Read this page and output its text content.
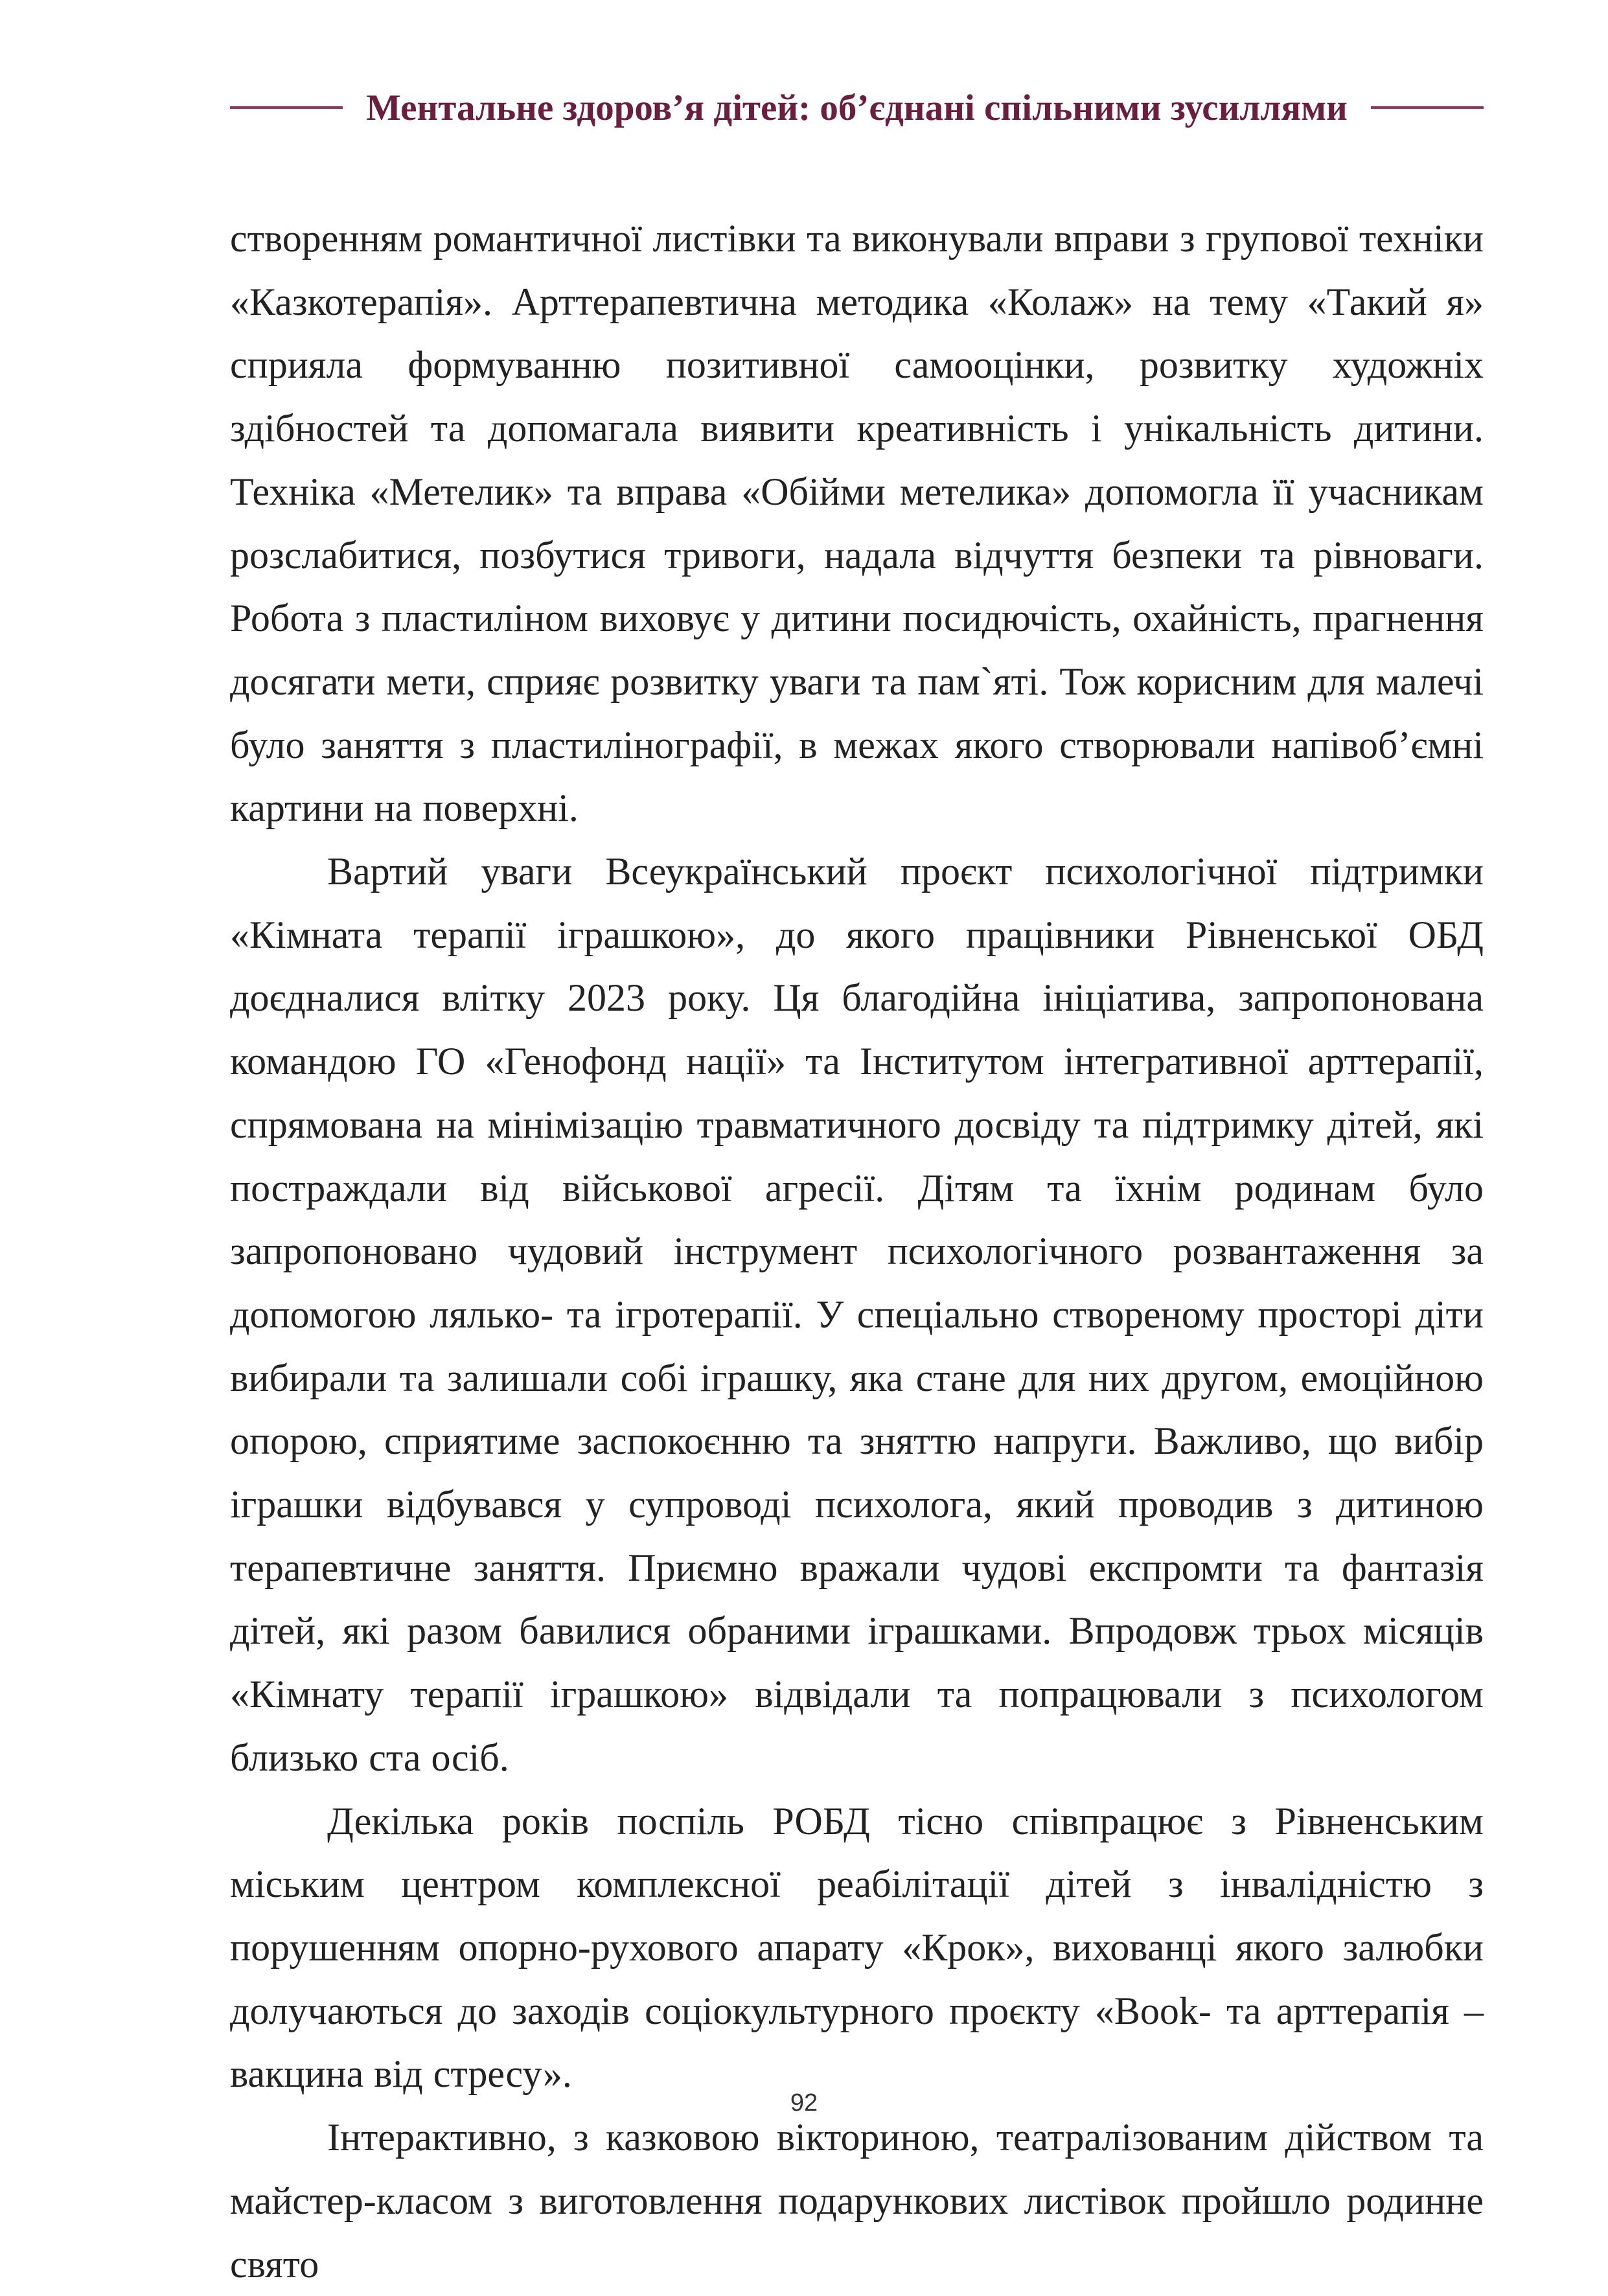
Ментальне здоров’я дітей: об’єднані спільними зусиллями

створенням романтичної листівки та виконували вправи з групової техніки «Казкотерапія». Арттерапевтична методика «Колаж» на тему «Такий я» сприяла формуванню позитивної самооцінки, розвитку художніх здібностей та допомагала виявити креативність і унікальність дитини. Техніка «Метелик» та вправа «Обійми метелика» допомогла її учасникам розслабитися, позбутися тривоги, надала відчуття безпеки та рівноваги. Робота з пластиліном виховує у дитини посидючість, охайність, прагнення досягати мети, сприяє розвитку уваги та пам`яті. Тож корисним для малечі було заняття з пластилінографії, в межах якого створювали напівоб’ємні картини на поверхні.

Вартий уваги Всеукраїнський проєкт психологічної підтримки «Кімната терапії іграшкою», до якого працівники Рівненської ОБД доєдналися влітку 2023 року. Ця благодійна ініціатива, запропонована командою ГО «Генофонд нації» та Інститутом інтегративної арттерапії, спрямована на мінімізацію травматичного досвіду та підтримку дітей, які постраждали від військової агресії. Дітям та їхнім родинам було запропоновано чудовий інструмент психологічного розвантаження за допомогою лялько- та ігротерапії. У спеціально створеному просторі діти вибирали та залишали собі іграшку, яка стане для них другом, емоційною опорою, сприятиме заспокоєнню та зняттю напруги. Важливо, що вибір іграшки відбувався у супроводі психолога, який проводив з дитиною терапевтичне заняття. Приємно вражали чудові експромти та фантазія дітей, які разом бавилися обраними іграшками. Впродовж трьох місяців «Кімнату терапії іграшкою» відвідали та попрацювали з психологом близько ста осіб.

Декілька років поспіль РОБД тісно співпрацює з Рівненським міським центром комплексної реабілітації дітей з інвалідністю з порушенням опорно-рухового апарату «Крок», вихованці якого залюбки долучаються до заходів соціокультурного проєкту «Book- та арттерапія – вакцина від стресу».

Інтерактивно, з казковою вікториною, театралізованим дійством та майстер-класом з виготовлення подарункових листівок пройшло родинне свято

92
